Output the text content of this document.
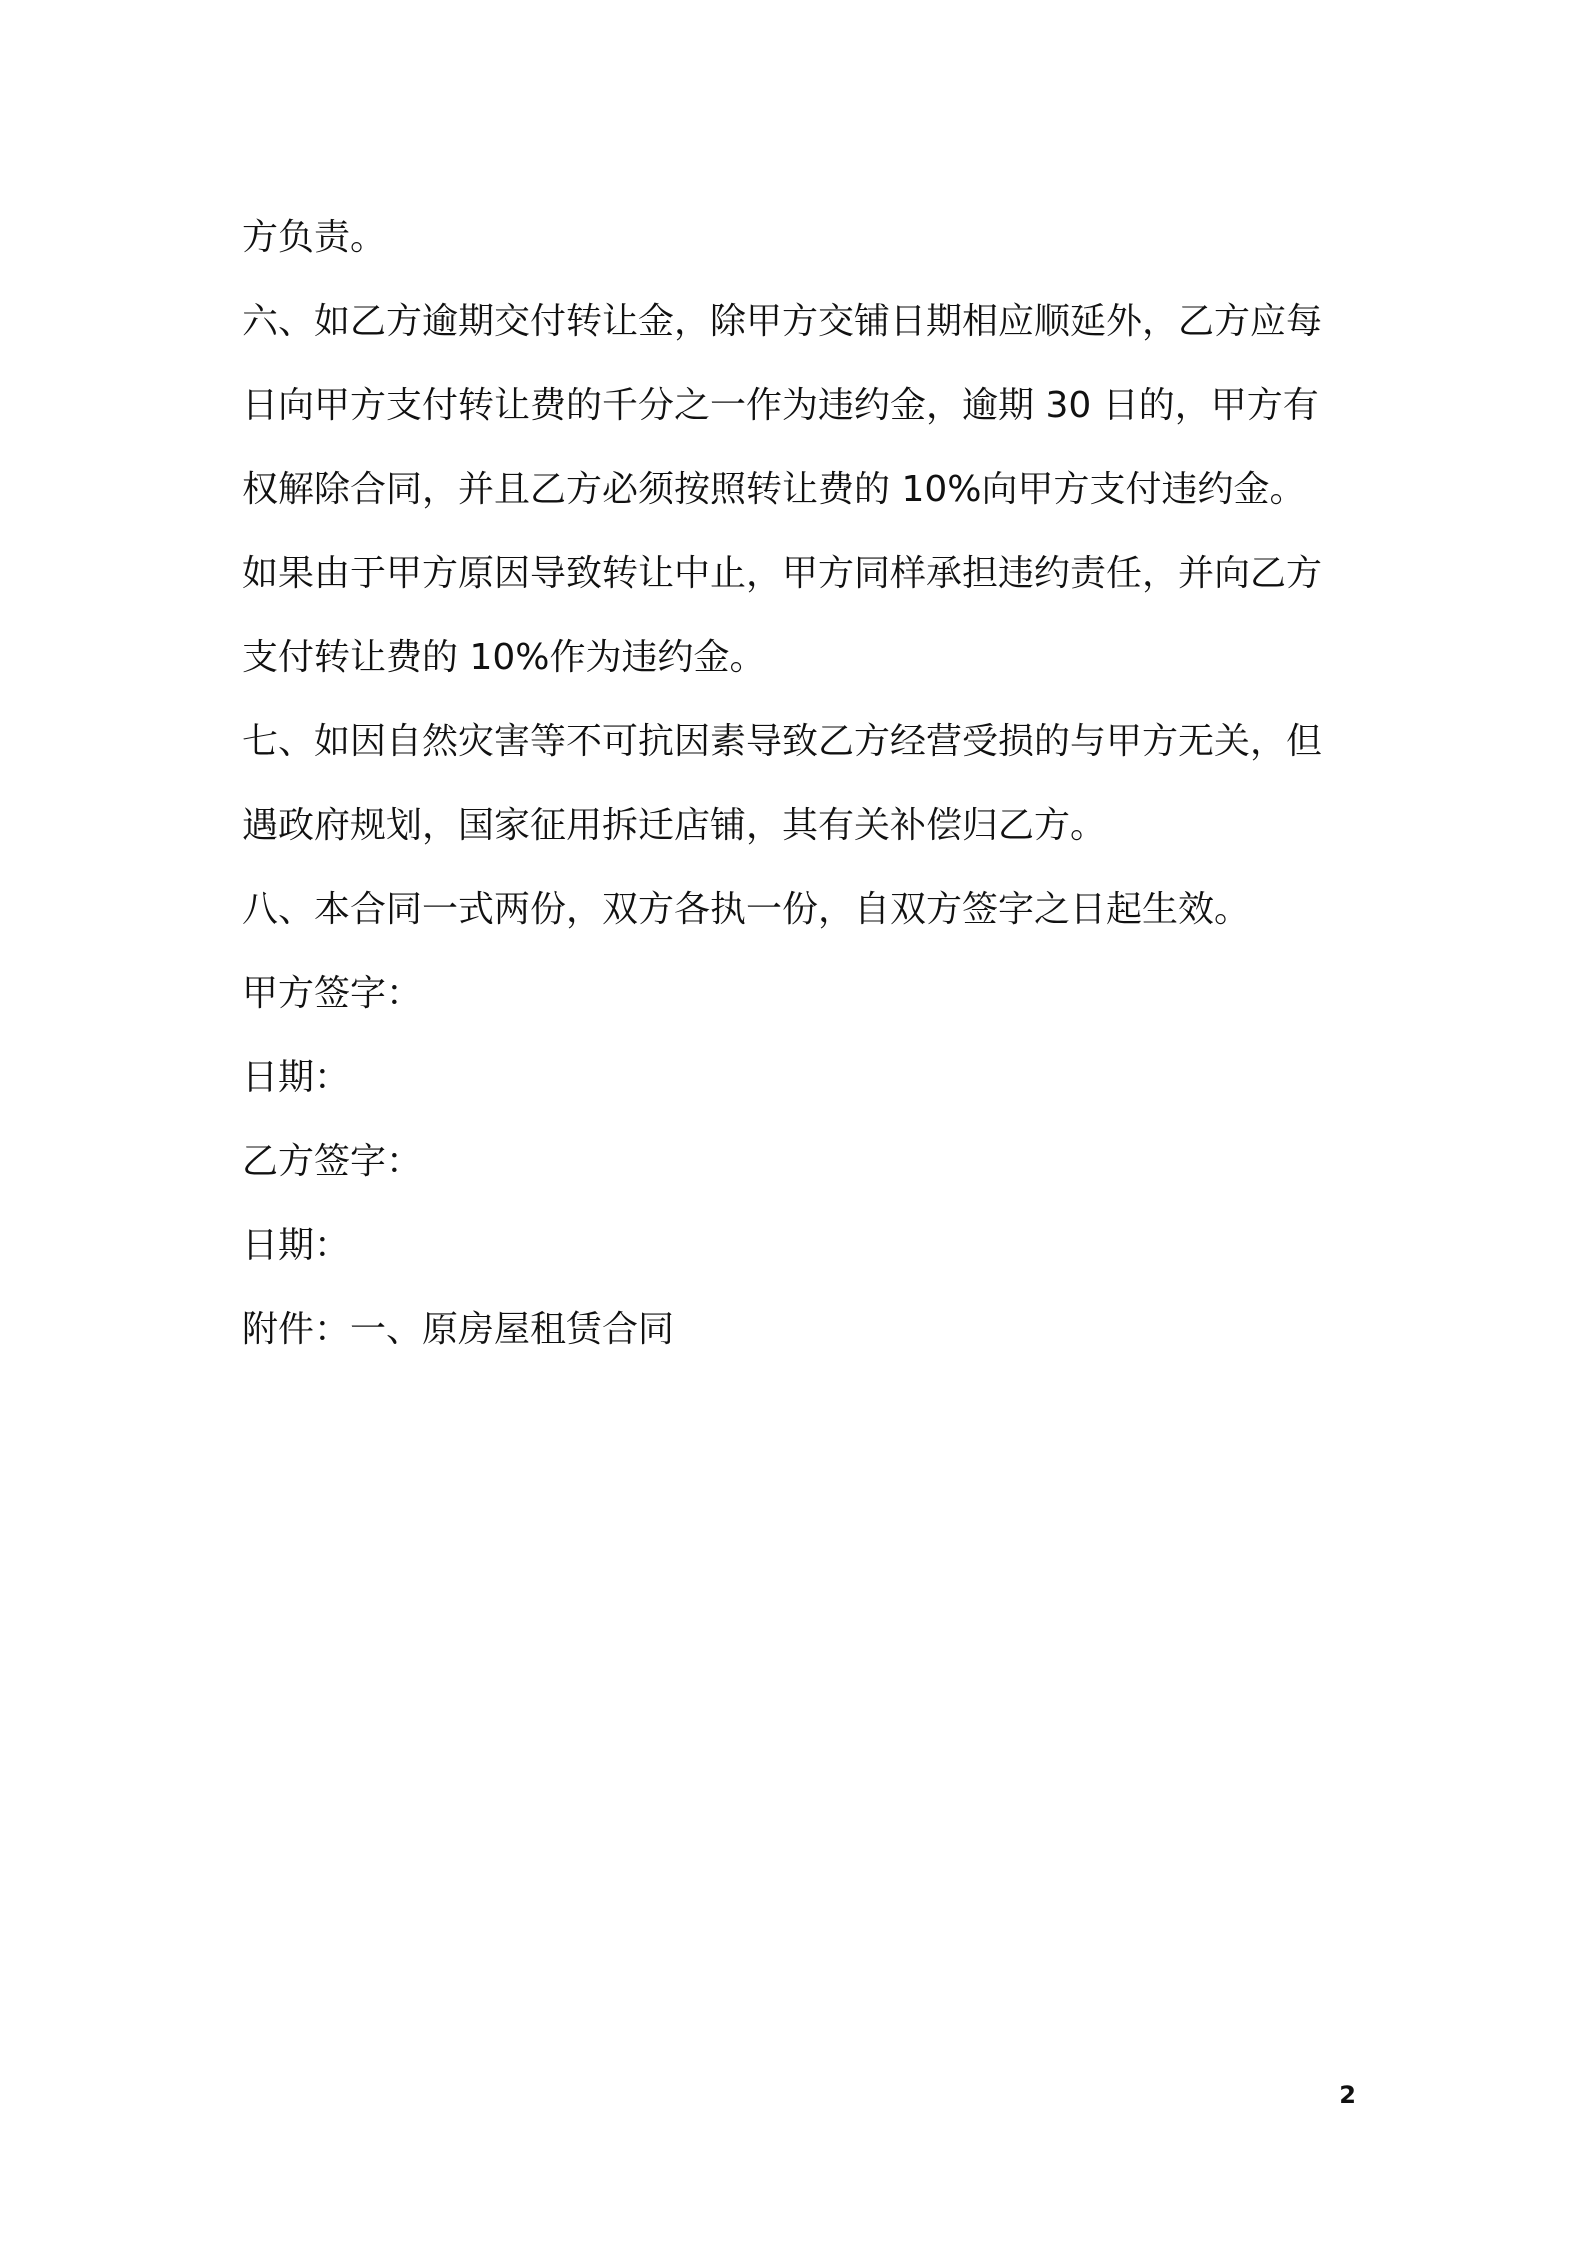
方负责。
六、如乙方逾期交付转让金，除甲方交铺日期相应顺延外，乙方应每
日向甲方支付转让费的千分之一作为违约金，逾期 30 日的，甲方有
权解除合同，并且乙方必须按照转让费的 10%向甲方支付违约金。
如果由于甲方原因导致转让中止，甲方同样承担违约责任，并向乙方
支付转让费的 10%作为违约金。
七、如因自然灾害等不可抗因素导致乙方经营受损的与甲方无关，但
遇政府规划，国家征用拆迁店铺，其有关补偿归乙方。
八、本合同一式两份，双方各执一份，自双方签字之日起生效。
甲方签字：
日期：
乙方签字：
日期：
附件：一、原房屋租赁合同
2
